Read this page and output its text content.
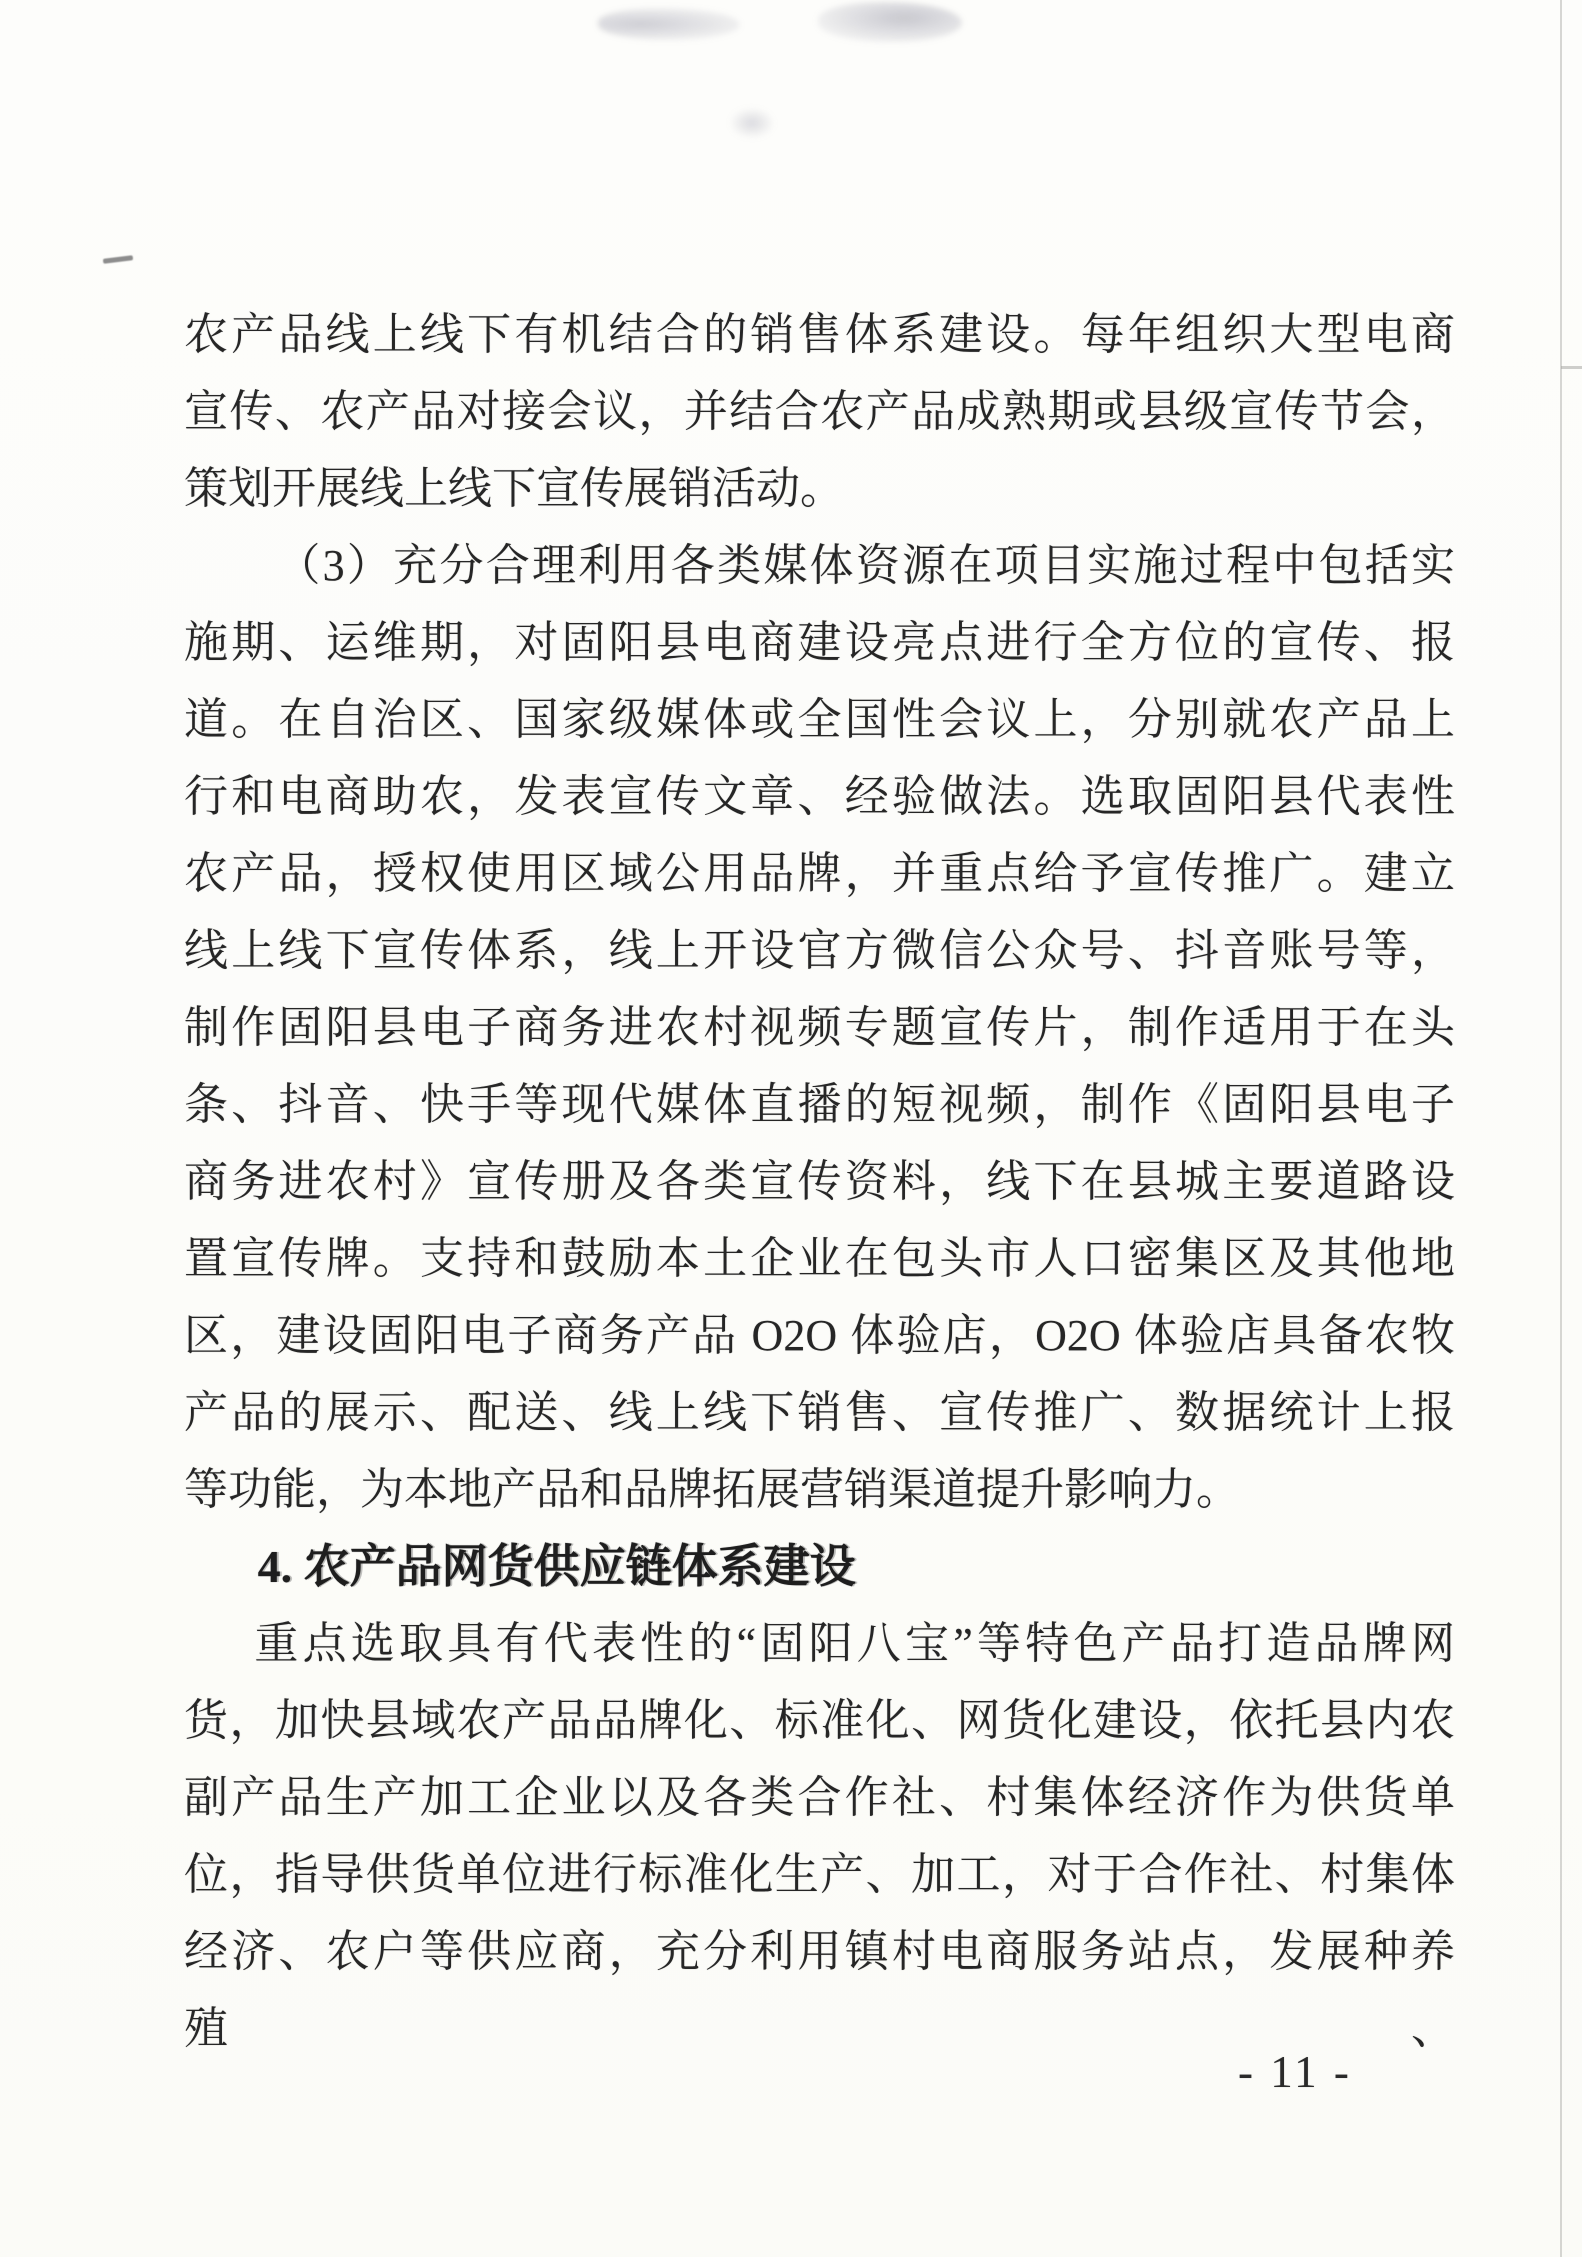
农产品线上线下有机结合的销售体系建设。每年组织大型电商
宣传、农产品对接会议，并结合农产品成熟期或县级宣传节会，
策划开展线上线下宣传展销活动。
（3）充分合理利用各类媒体资源在项目实施过程中包括实
施期、运维期，对固阳县电商建设亮点进行全方位的宣传、报
道。在自治区、国家级媒体或全国性会议上，分别就农产品上
行和电商助农，发表宣传文章、经验做法。选取固阳县代表性
农产品，授权使用区域公用品牌，并重点给予宣传推广。建立
线上线下宣传体系，线上开设官方微信公众号、抖音账号等，
制作固阳县电子商务进农村视频专题宣传片，制作适用于在头
条、抖音、快手等现代媒体直播的短视频，制作《固阳县电子
商务进农村》宣传册及各类宣传资料，线下在县城主要道路设
置宣传牌。支持和鼓励本土企业在包头市人口密集区及其他地
区，建设固阳电子商务产品 O2O 体验店，O2O 体验店具备农牧
产品的展示、配送、线上线下销售、宣传推广、数据统计上报
等功能，为本地产品和品牌拓展营销渠道提升影响力。
4. 农产品网货供应链体系建设
重点选取具有代表性的“固阳八宝”等特色产品打造品牌网
货，加快县域农产品品牌化、标准化、网货化建设，依托县内农
副产品生产加工企业以及各类合作社、村集体经济作为供货单
位，指导供货单位进行标准化生产、加工，对于合作社、村集体
经济、农户等供应商，充分利用镇村电商服务站点，发展种养殖、
- 11 -
